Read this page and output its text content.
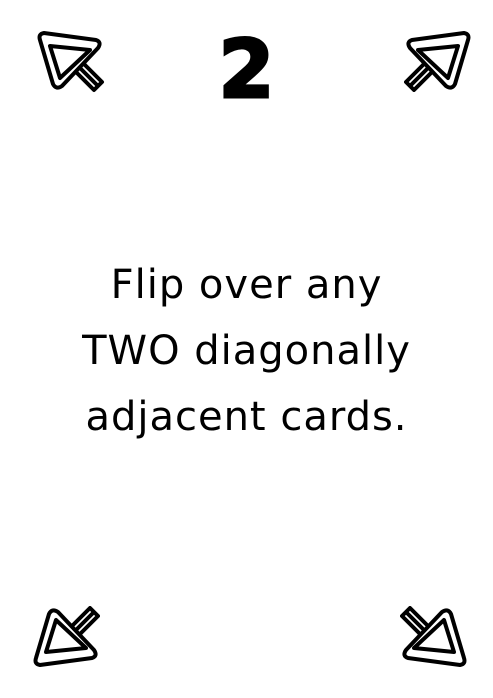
2
Flip over any
TWO diagonally
adjacent cards.
